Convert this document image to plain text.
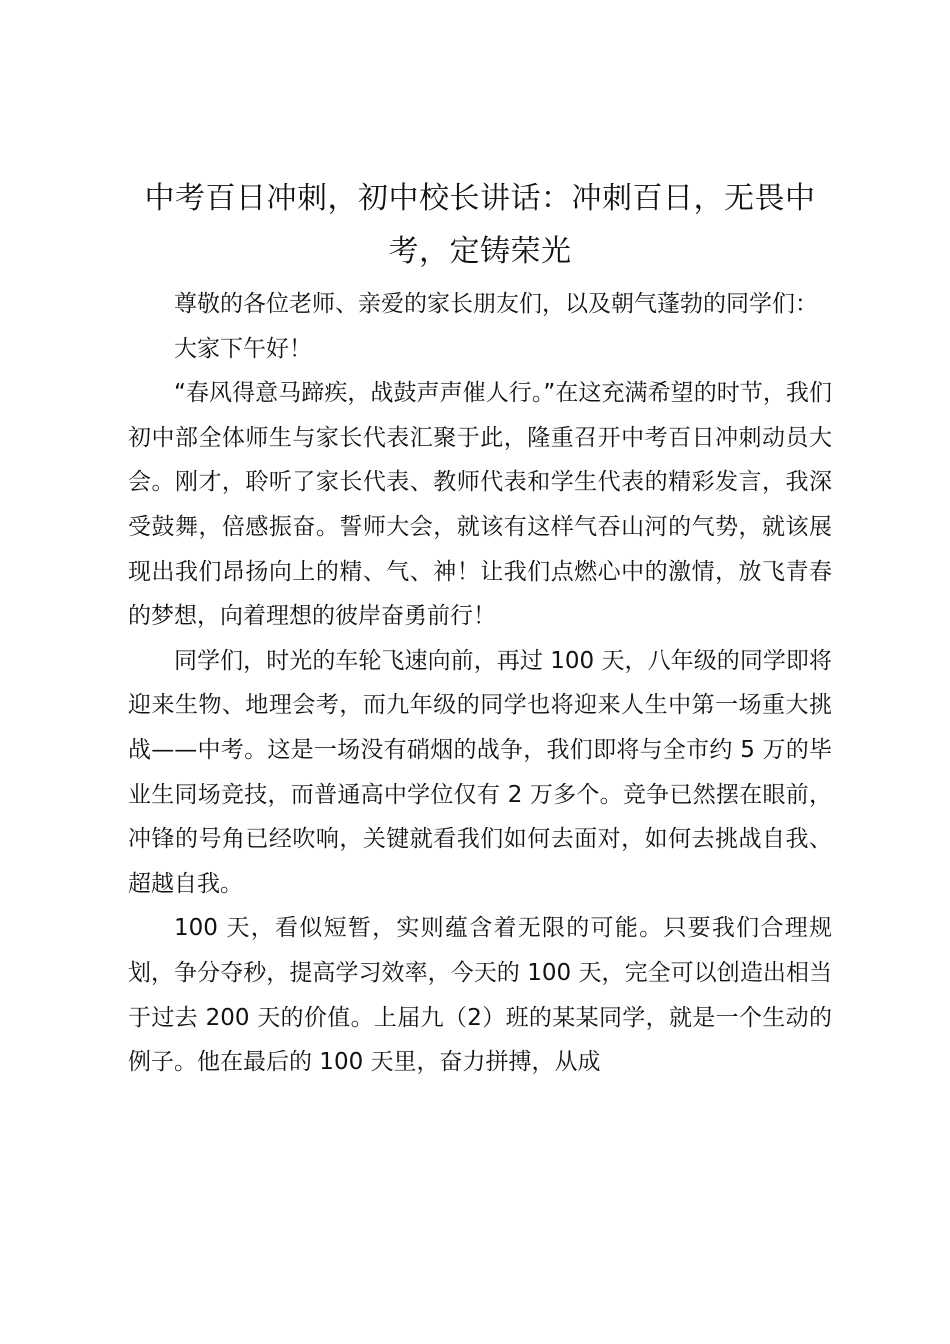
中考百日冲刺，初中校长讲话：冲刺百日，无畏中考，定铸荣光

尊敬的各位老师、亲爱的家长朋友们，以及朝气蓬勃的同学们：

大家下午好！

“春风得意马蹄疾，战鼓声声催人行。”在这充满希望的时节，我们初中部全体师生与家长代表汇聚于此，隆重召开中考百日冲刺动员大会。刚才，聆听了家长代表、教师代表和学生代表的精彩发言，我深受鼓舞，倍感振奋。誓师大会，就该有这样气吞山河的气势，就该展现出我们昂扬向上的精、气、神！让我们点燃心中的激情，放飞青春的梦想，向着理想的彼岸奋勇前行！

同学们，时光的车轮飞速向前，再过 100 天，八年级的同学即将迎来生物、地理会考，而九年级的同学也将迎来人生中第一场重大挑战——中考。这是一场没有硝烟的战争，我们即将与全市约 5 万的毕业生同场竞技，而普通高中学位仅有 2 万多个。竞争已然摆在眼前，冲锋的号角已经吹响，关键就看我们如何去面对，如何去挑战自我、超越自我。

100 天，看似短暂，实则蕴含着无限的可能。只要我们合理规划，争分夺秒，提高学习效率，今天的 100 天，完全可以创造出相当于过去 200 天的价值。上届九（2）班的某某同学，就是一个生动的例子。他在最后的 100 天里，奋力拼搏，从成
